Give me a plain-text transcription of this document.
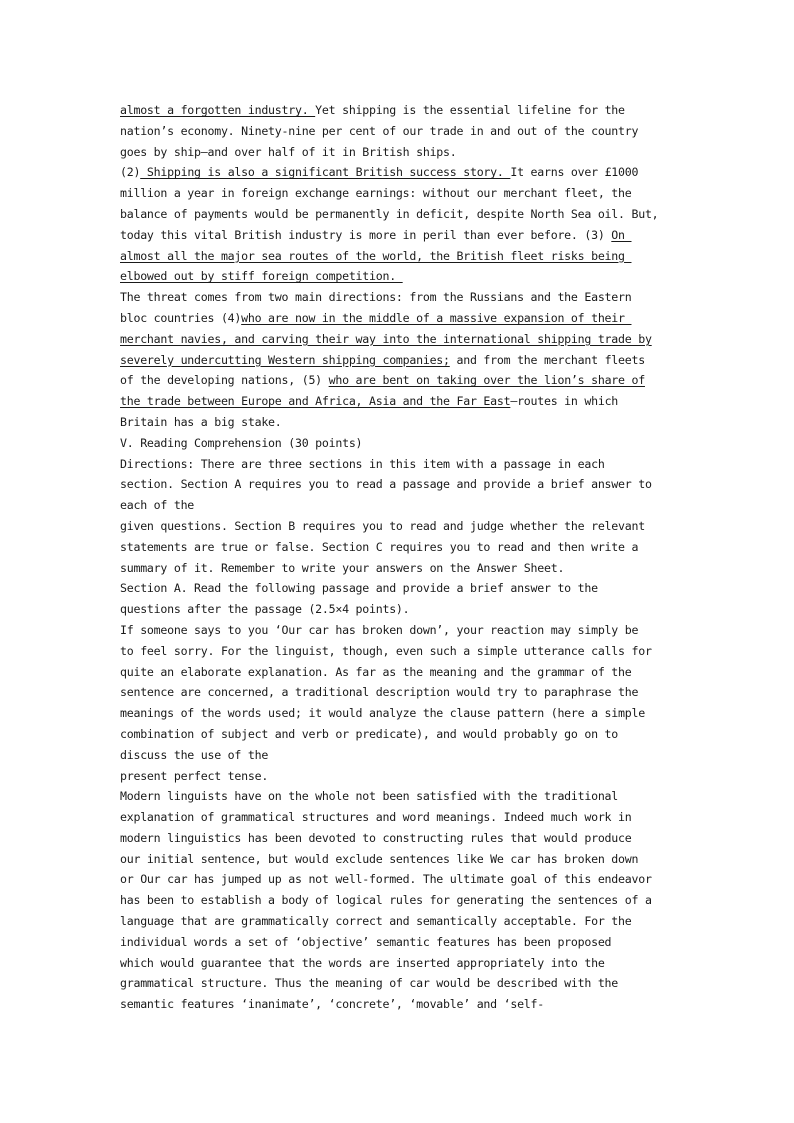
almost a forgotten industry. Yet shipping is the essential lifeline for the
nation’s economy. Ninety-nine per cent of our trade in and out of the country
goes by ship—and over half of it in British ships.
(2) Shipping is also a significant British success story. It earns over £1000
million a year in foreign exchange earnings: without our merchant fleet, the
balance of payments would be permanently in deficit, despite North Sea oil. But,
today this vital British industry is more in peril than ever before. (3) On
almost all the major sea routes of the world, the British fleet risks being
elbowed out by stiff foreign competition.
The threat comes from two main directions: from the Russians and the Eastern
bloc countries (4)who are now in the middle of a massive expansion of their
merchant navies, and carving their way into the international shipping trade by
severely undercutting Western shipping companies; and from the merchant fleets
of the developing nations, (5) who are bent on taking over the lion’s share of
the trade between Europe and Africa, Asia and the Far East—routes in which
Britain has a big stake.
V. Reading Comprehension (30 points)
Directions: There are three sections in this item with a passage in each
section. Section A requires you to read a passage and provide a brief answer to
each of the
given questions. Section B requires you to read and judge whether the relevant
statements are true or false. Section C requires you to read and then write a
summary of it. Remember to write your answers on the Answer Sheet.
Section A. Read the following passage and provide a brief answer to the
questions after the passage (2.5×4 points).
If someone says to you ‘Our car has broken down’, your reaction may simply be
to feel sorry. For the linguist, though, even such a simple utterance calls for
quite an elaborate explanation. As far as the meaning and the grammar of the
sentence are concerned, a traditional description would try to paraphrase the
meanings of the words used; it would analyze the clause pattern (here a simple
combination of subject and verb or predicate), and would probably go on to
discuss the use of the
present perfect tense.
Modern linguists have on the whole not been satisfied with the traditional
explanation of grammatical structures and word meanings. Indeed much work in
modern linguistics has been devoted to constructing rules that would produce
our initial sentence, but would exclude sentences like We car has broken down
or Our car has jumped up as not well-formed. The ultimate goal of this endeavor
has been to establish a body of logical rules for generating the sentences of a
language that are grammatically correct and semantically acceptable. For the
individual words a set of ‘objective’ semantic features has been proposed
which would guarantee that the words are inserted appropriately into the
grammatical structure. Thus the meaning of car would be described with the
semantic features ‘inanimate’, ‘concrete’, ‘movable’ and ‘self-
